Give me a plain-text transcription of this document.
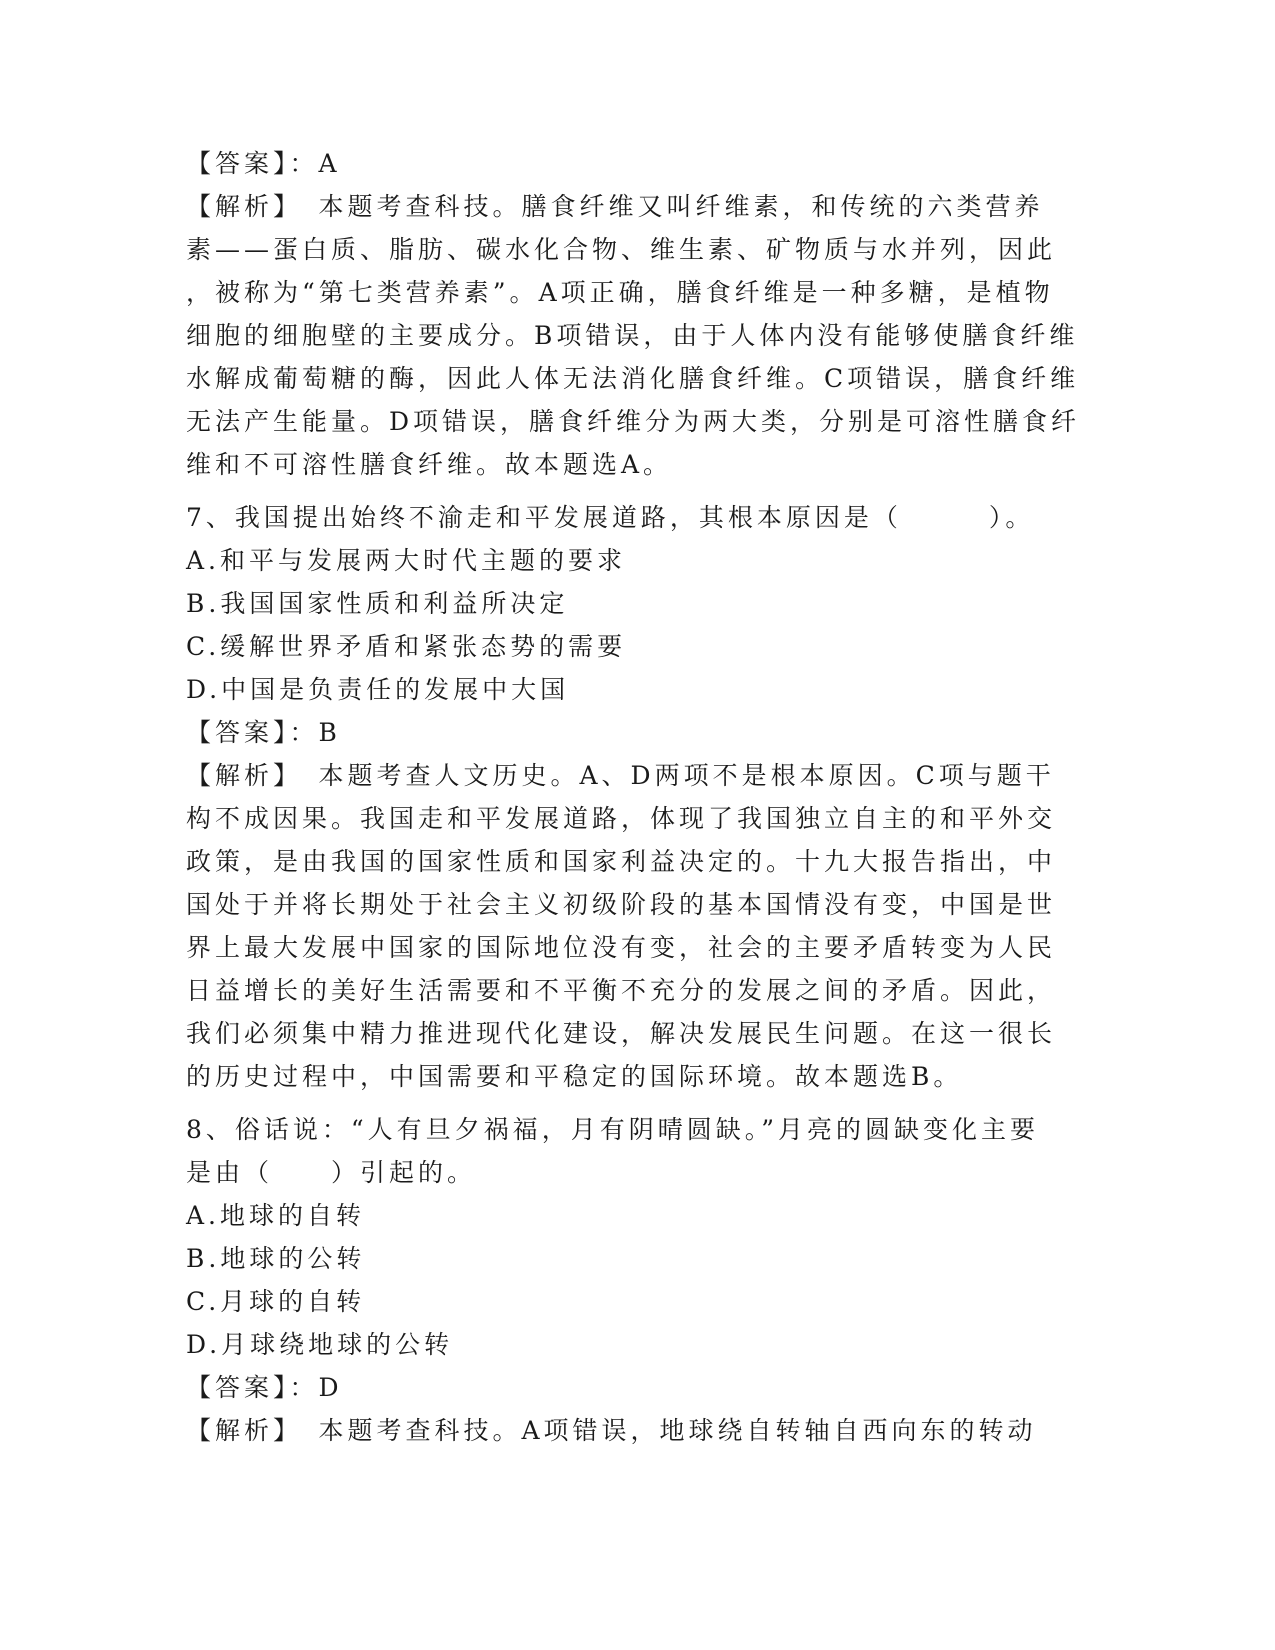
【答案】：A
【解析】　本题考查科技。膳食纤维又叫纤维素，和传统的六类营养
素——蛋白质、脂肪、碳水化合物、维生素、矿物质与水并列，因此
，被称为“第七类营养素”。A项正确，膳食纤维是一种多糖，是植物
细胞的细胞壁的主要成分。B项错误，由于人体内没有能够使膳食纤维
水解成葡萄糖的酶，因此人体无法消化膳食纤维。C项错误，膳食纤维
无法产生能量。D项错误，膳食纤维分为两大类，分别是可溶性膳食纤
维和不可溶性膳食纤维。故本题选A。
7、我国提出始终不渝走和平发展道路，其根本原因是（　　　）。
A.和平与发展两大时代主题的要求
B.我国国家性质和利益所决定
C.缓解世界矛盾和紧张态势的需要
D.中国是负责任的发展中大国
【答案】：B
【解析】　本题考查人文历史。A、D两项不是根本原因。C项与题干
构不成因果。我国走和平发展道路，体现了我国独立自主的和平外交
政策，是由我国的国家性质和国家利益决定的。十九大报告指出，中
国处于并将长期处于社会主义初级阶段的基本国情没有变，中国是世
界上最大发展中国家的国际地位没有变，社会的主要矛盾转变为人民
日益增长的美好生活需要和不平衡不充分的发展之间的矛盾。因此，
我们必须集中精力推进现代化建设，解决发展民生问题。在这一很长
的历史过程中，中国需要和平稳定的国际环境。故本题选B。
8、俗话说：“人有旦夕祸福，月有阴晴圆缺。”月亮的圆缺变化主要
是由（　　）引起的。
A.地球的自转
B.地球的公转
C.月球的自转
D.月球绕地球的公转
【答案】：D
【解析】　本题考查科技。A项错误，地球绕自转轴自西向东的转动
